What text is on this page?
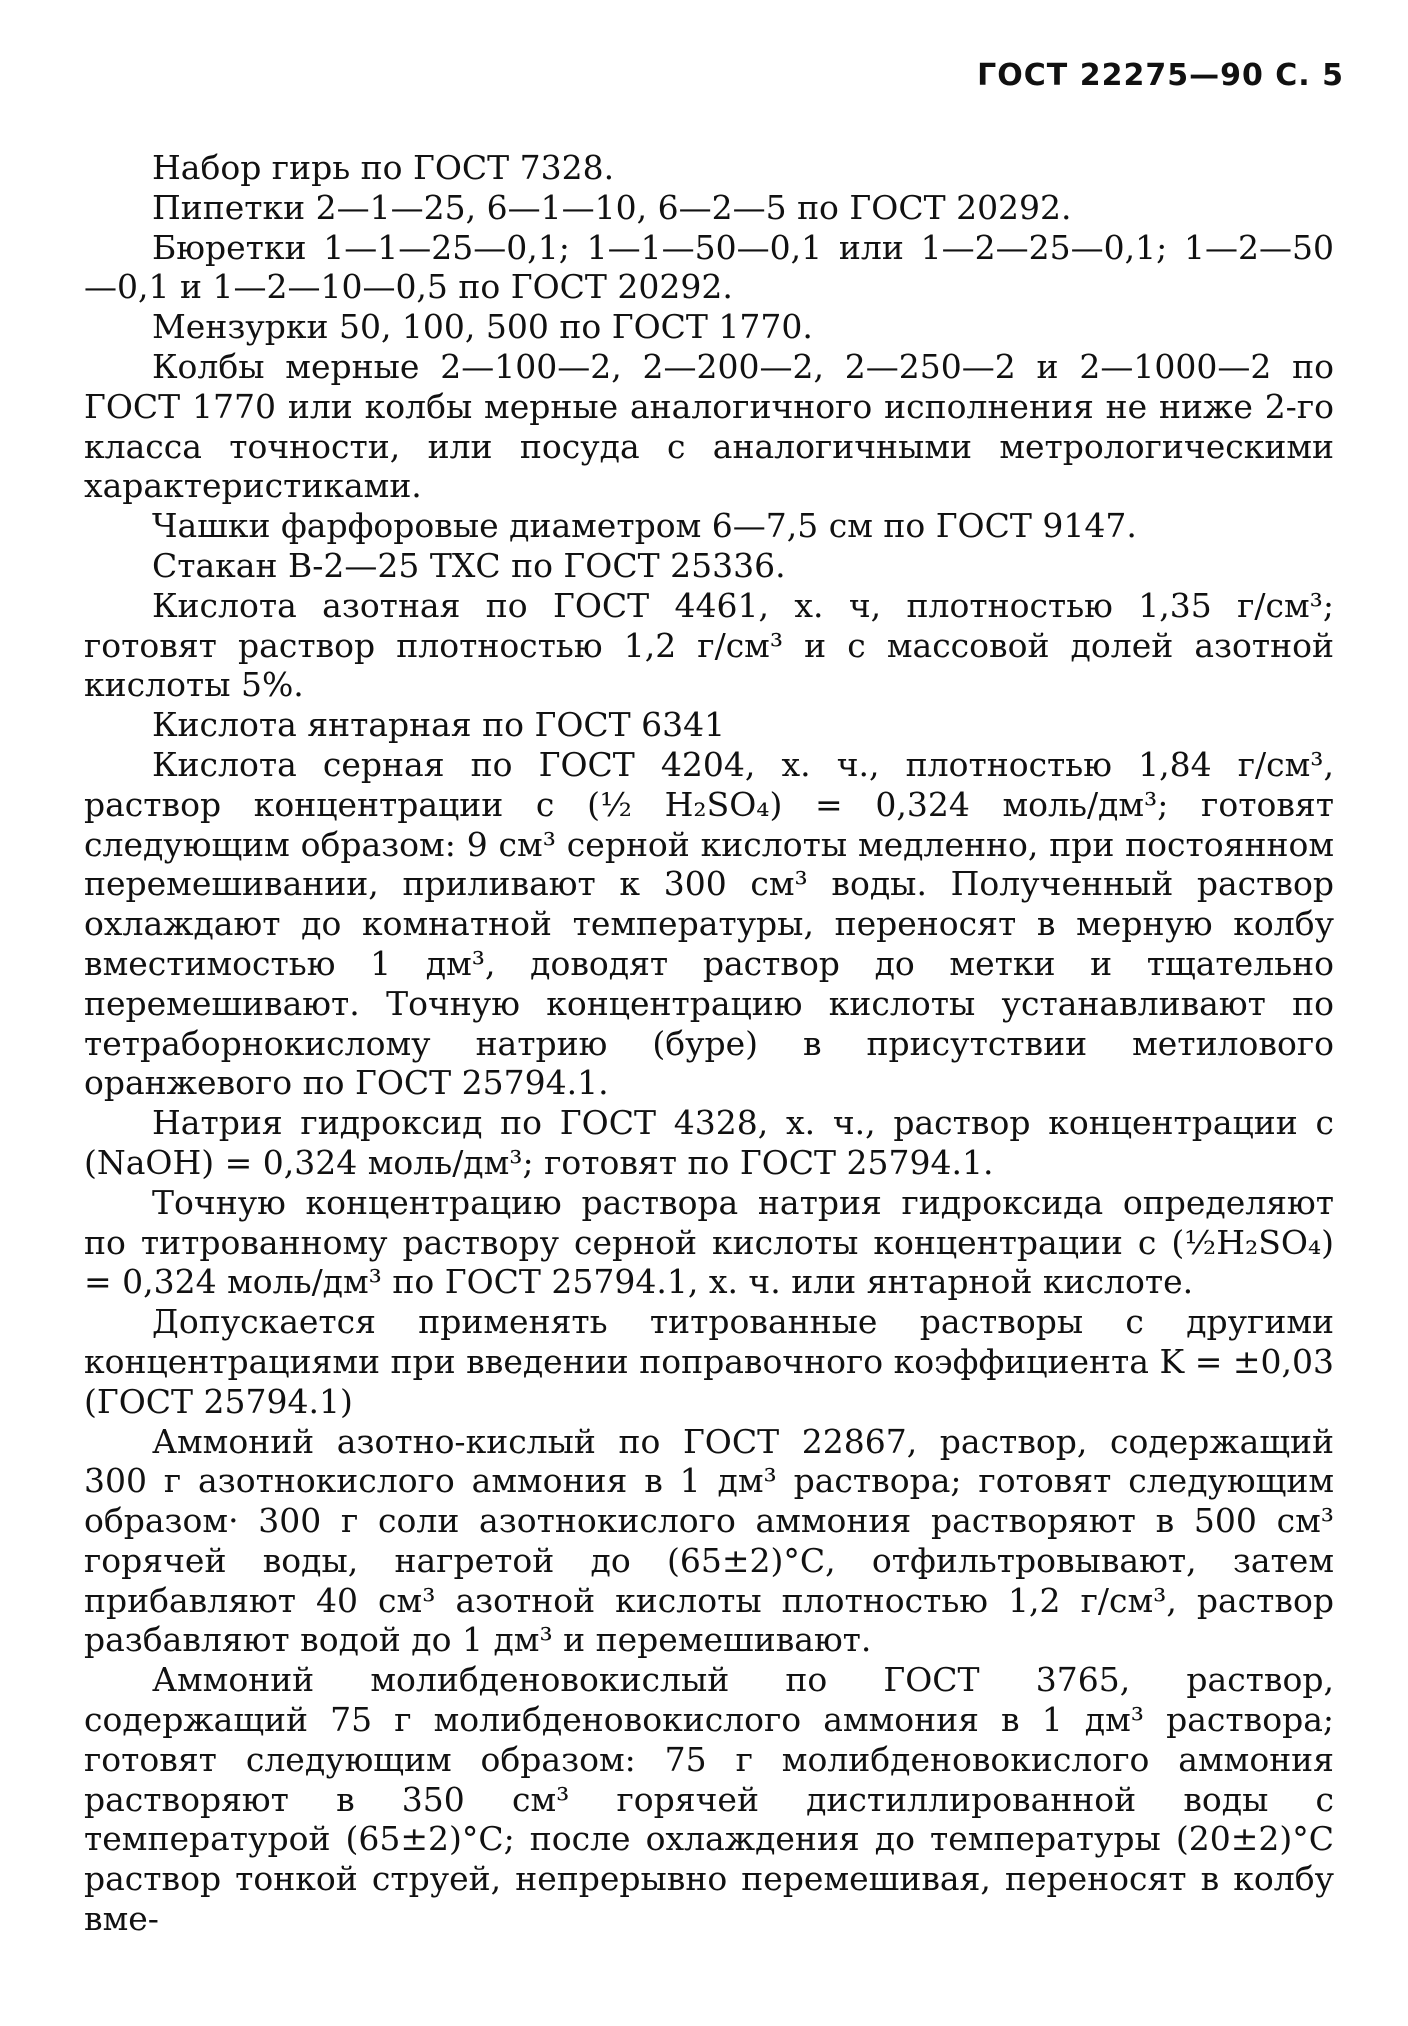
ГОСТ 22275—90 С. 5

Набор гирь по ГОСТ 7328.

Пипетки 2—1—25, 6—1—10, 6—2—5 по ГОСТ 20292.

Бюретки 1—1—25—0,1; 1—1—50—0,1 или 1—2—25—0,1; 1—2—50—0,1 и 1—2—10—0,5 по ГОСТ 20292.

Мензурки 50, 100, 500 по ГОСТ 1770.

Колбы мерные 2—100—2, 2—200—2, 2—250—2 и 2—1000—2 по ГОСТ 1770 или колбы мерные аналогичного исполнения не ниже 2-го класса точности, или посуда с аналогичными метрологическими характеристиками.

Чашки фарфоровые диаметром 6—7,5 см по ГОСТ 9147.

Стакан В-2—25 ТХС по ГОСТ 25336.

Кислота азотная по ГОСТ 4461, х. ч, плотностью 1,35 г/см³; готовят раствор плотностью 1,2 г/см³ и с массовой долей азотной кислоты 5%.

Кислота янтарная по ГОСТ 6341

Кислота серная по ГОСТ 4204, х. ч., плотностью 1,84 г/см³, раствор концентрации c (½ H₂SO₄) = 0,324 моль/дм³; готовят следующим образом: 9 см³ серной кислоты медленно, при постоянном перемешивании, приливают к 300 см³ воды. Полученный раствор охлаждают до комнатной температуры, переносят в мерную колбу вместимостью 1 дм³, доводят раствор до метки и тщательно перемешивают. Точную концентрацию кислоты устанавливают по тетраборнокислому натрию (буре) в присутствии метилового оранжевого по ГОСТ 25794.1.

Натрия гидроксид по ГОСТ 4328, х. ч., раствор концентрации c (NaOH) = 0,324 моль/дм³; готовят по ГОСТ 25794.1.

Точную концентрацию раствора натрия гидроксида определяют по титрованному раствору серной кислоты концентрации c (½H₂SO₄) = 0,324 моль/дм³ по ГОСТ 25794.1, х. ч. или янтарной кислоте.

Допускается применять титрованные растворы с другими концентрациями при введении поправочного коэффициента K = ±0,03 (ГОСТ 25794.1)

Аммоний азотно-кислый по ГОСТ 22867, раствор, содержащий 300 г азотнокислого аммония в 1 дм³ раствора; готовят следующим образом· 300 г соли азотнокислого аммония растворяют в 500 см³ горячей воды, нагретой до (65±2)°С, отфильтровывают, затем прибавляют 40 см³ азотной кислоты плотностью 1,2 г/см³, раствор разбавляют водой до 1 дм³ и перемешивают.

Аммоний молибденовокислый по ГОСТ 3765, раствор, содержащий 75 г молибденовокислого аммония в 1 дм³ раствора; готовят следующим образом: 75 г молибденовокислого аммония растворяют в 350 см³ горячей дистиллированной воды с температурой (65±2)°С; после охлаждения до температуры (20±2)°С раствор тонкой струей, непрерывно перемешивая, переносят в колбу вме-
